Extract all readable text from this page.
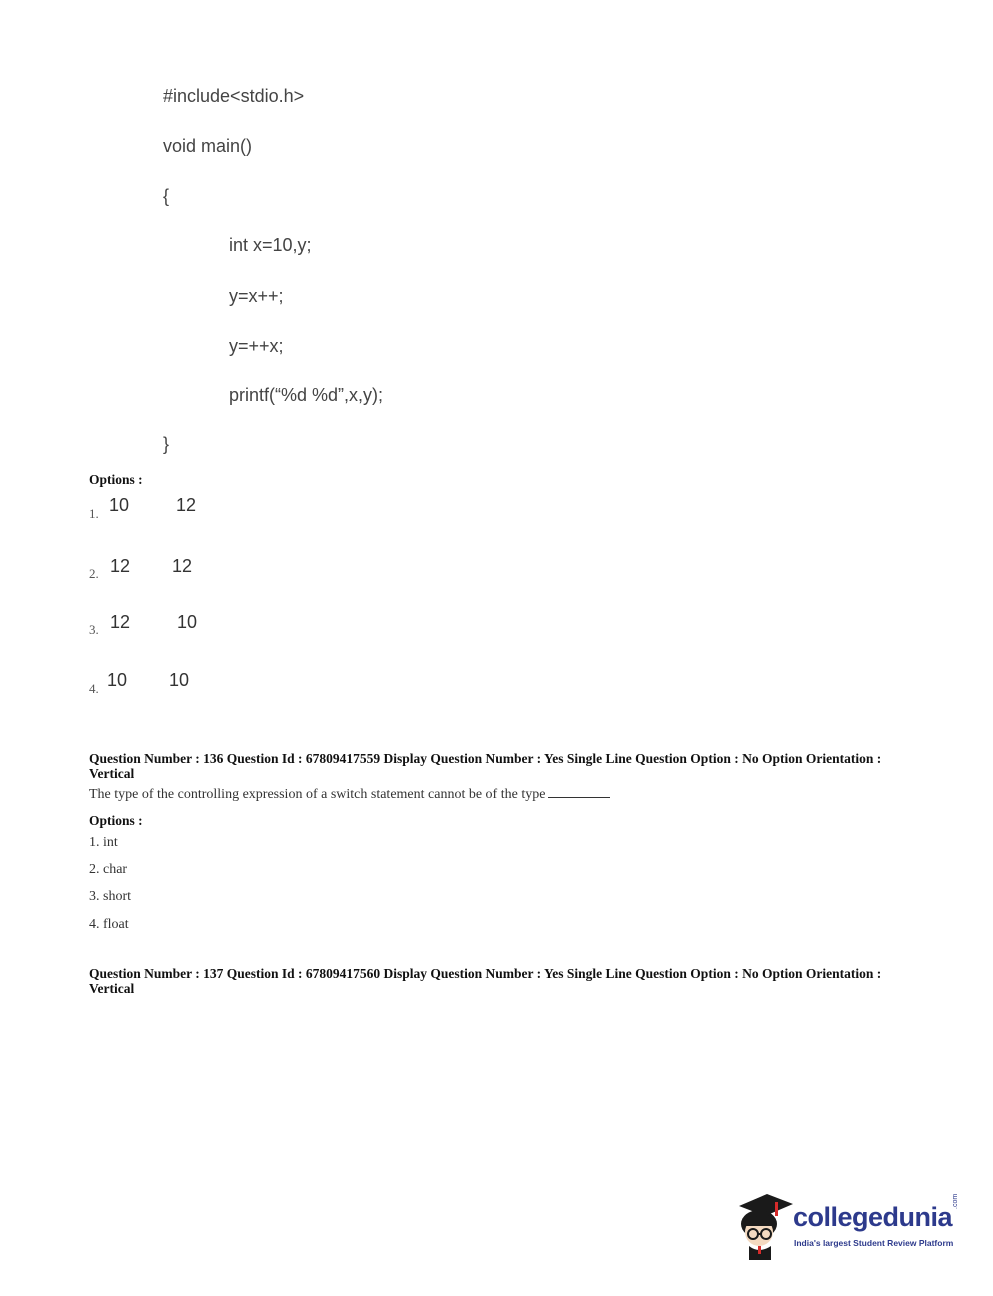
#include<stdio.h>
void main()
{
int x=10,y;
y=x++;
y=++x;
printf(“%d %d”,x,y);
}
Options :
1. 10	12
2. 12 12
3. 12	10
4. 10 10
Question Number : 136 Question Id : 67809417559 Display Question Number : Yes Single Line Question Option : No Option Orientation : Vertical
The type of the controlling expression of a switch statement cannot be of the type
Options :
1. int
2. char
3. short
4. float
Question Number : 137 Question Id : 67809417560 Display Question Number : Yes Single Line Question Option : No Option Orientation : Vertical
collegedunia
.com
India's largest Student Review Platform
